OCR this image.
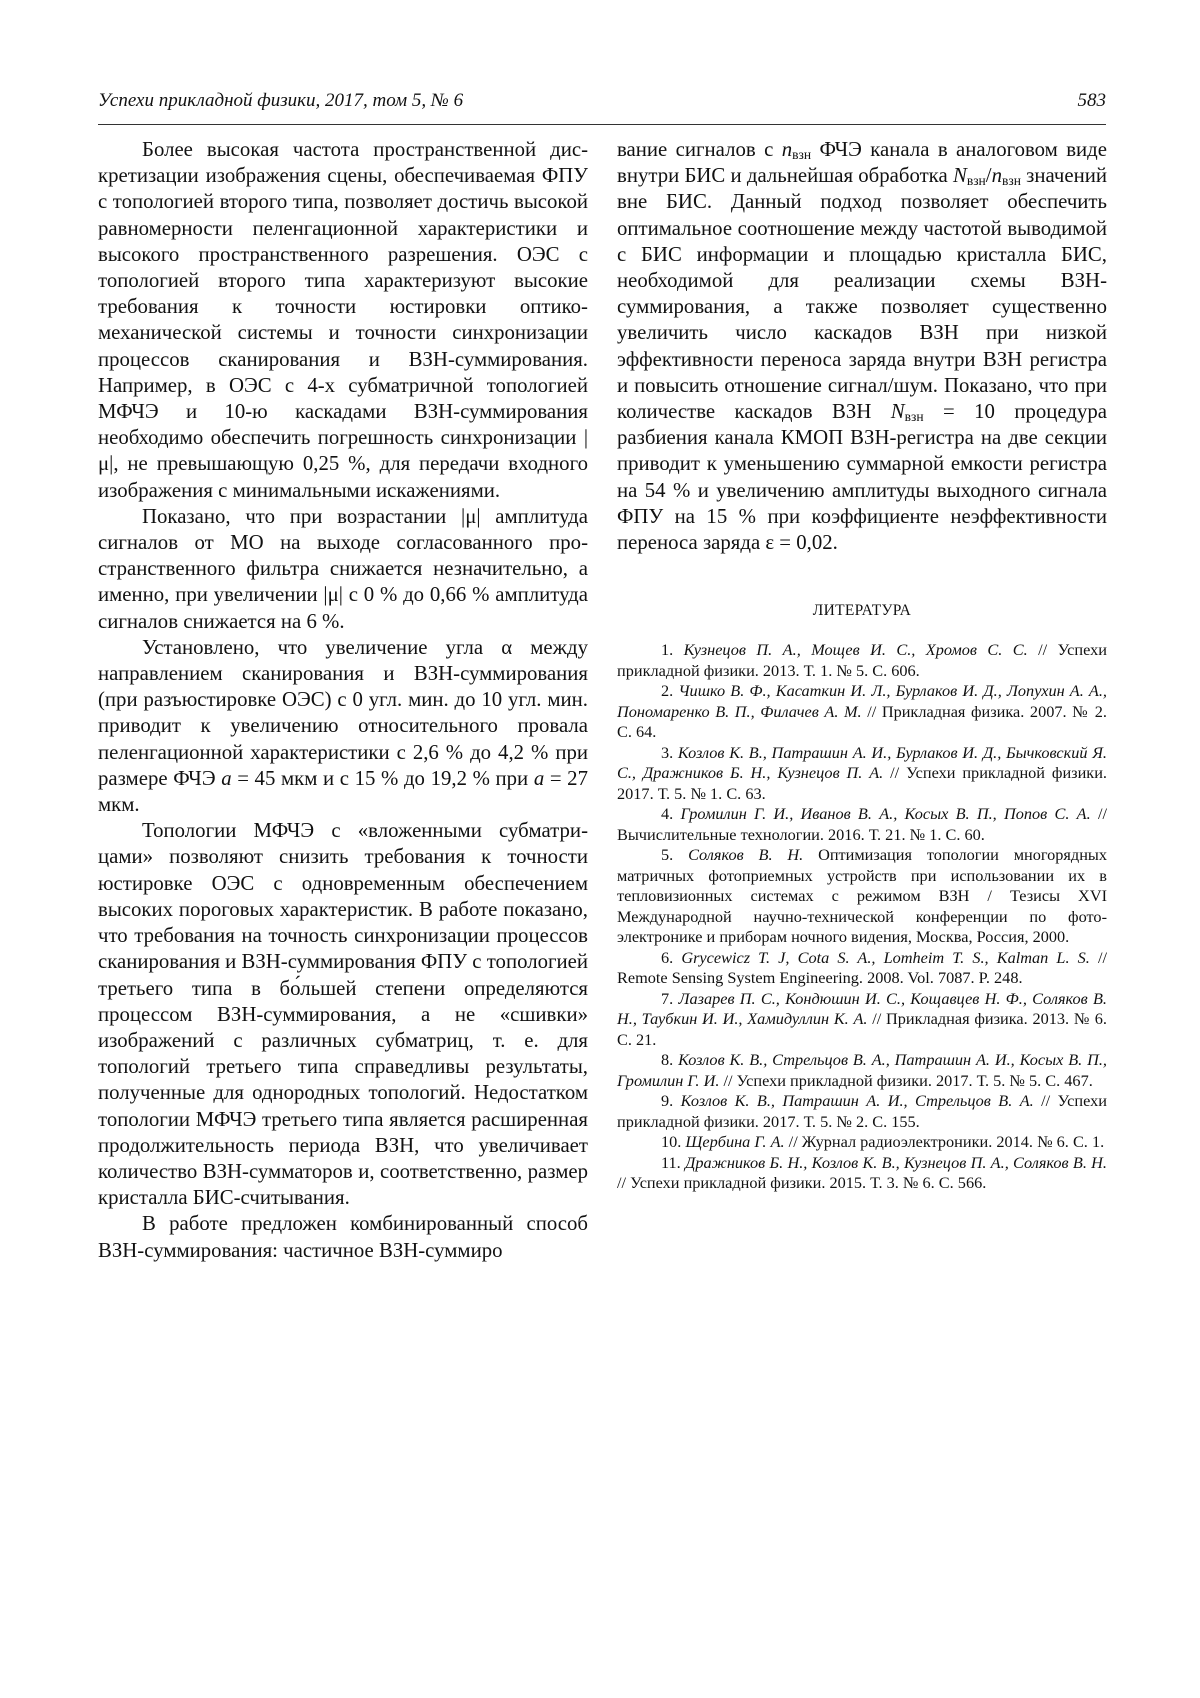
Успехи прикладной физики, 2017, том 5, № 6	583

Более высокая частота пространственной дискретизации изображения сцены, обеспечиваемая ФПУ с топологией второго типа, позволяет достичь высокой равномерности пеленгационной характеристики и высокого пространственного разрешения. ОЭС с топологией второго типа характеризуют высокие требования к точности юстировки оптико-механической системы и точности синхронизации процессов сканирования и ВЗН-суммирования. Например, в ОЭС с 4-х субматричной топологией МФЧЭ и 10-ю каскадами ВЗН-суммирования необходимо обеспечить погрешность синхронизации |μ|, не превышающую 0,25 %, для передачи входного изображения с минимальными искажениями.

Показано, что при возрастании |μ| амплитуда сигналов от МО на выходе согласованного пространственного фильтра снижается незначительно, а именно, при увеличении |μ| с 0 % до 0,66 % амплитуда сигналов снижается на 6 %.

Установлено, что увеличение угла α между направлением сканирования и ВЗН-суммирования (при разъюстировке ОЭС) с 0 угл. мин. до 10 угл. мин. приводит к увеличению относительного провала пеленгационной характеристики с 2,6 % до 4,2 % при размере ФЧЭ a = 45 мкм и с 15 % до 19,2 % при a = 27 мкм.

Топологии МФЧЭ с «вложенными субматрицами» позволяют снизить требования к точности юстировке ОЭС с одновременным обеспечением высоких пороговых характеристик. В работе показано, что требования на точность синхронизации процессов сканирования и ВЗН-суммирования ФПУ с топологией третьего типа в бо́льшей степени определяются процессом ВЗН-суммирования, а не «сшивки» изображений с различных субматриц, т. е. для топологий третьего типа справедливы результаты, полученные для однородных топологий. Недостатком топологии МФЧЭ третьего типа является расширенная продолжительность периода ВЗН, что увеличивает количество ВЗН-сумматоров и, соответственно, размер кристалла БИС-считывания.

В работе предложен комбинированный способ ВЗН-суммирования: частичное ВЗН-суммиро

вание сигналов с $n_{взн}$ ФЧЭ канала в аналоговом виде внутри БИС и дальнейшая обработка $N_{взн}/n_{взн}$ значений вне БИС. Данный подход позволяет обеспечить оптимальное соотношение между частотой выводимой с БИС информации и площадью кристалла БИС, необходимой для реализации схемы ВЗН-суммирования, а также позволяет существенно увеличить число каскадов ВЗН при низкой эффективности переноса заряда внутри ВЗН регистра и повысить отношение сигнал/шум. Показано, что при количестве каскадов ВЗН $N_{взн} = 10$ процедура разбиения канала КМОП ВЗН-регистра на две секции приводит к уменьшению суммарной емкости регистра на 54 % и увеличению амплитуды выходного сигнала ФПУ на 15 % при коэффициенте неэффективности переноса заряда ε = 0,02.

ЛИТЕРАТУРА

1. Кузнецов П. А., Мощев И. С., Хромов С. С. // Успехи прикладной физики. 2013. Т. 1. № 5. С. 606.

2. Чишко В. Ф., Касаткин И. Л., Бурлаков И. Д., Лопухин А. А., Пономаренко В. П., Филачев А. М. // Прикладная физика. 2007. № 2. С. 64.

3. Козлов К. В., Патрашин А. И., Бурлаков И. Д., Бычковский Я. С., Дражников Б. Н., Кузнецов П. А. // Успехи прикладной физики. 2017. Т. 5. № 1. С. 63.

4. Громилин Г. И., Иванов В. А., Косых В. П., Попов С. А. // Вычислительные технологии. 2016. Т. 21. № 1. С. 60.

5. Соляков В. Н. Оптимизация топологии многорядных матричных фотоприемных устройств при использовании их в тепловизионных системах с режимом ВЗН / Тезисы XVI Международной научно-технической конференции по фотоэлектронике и приборам ночного видения, Москва, Россия, 2000.

6. Grycewicz T. J, Cota S. A., Lomheim T. S., Kalman L. S. // Remote Sensing System Engineering. 2008. Vol. 7087. P. 248.

7. Лазарев П. С., Кондюшин И. С., Кощавцев Н. Ф., Соляков В. Н., Таубкин И. И., Хамидуллин К. А. // Прикладная физика. 2013. № 6. С. 21.

8. Козлов К. В., Стрельцов В. А., Патрашин А. И., Косых В. П., Громилин Г. И. // Успехи прикладной физики. 2017. Т. 5. № 5. С. 467.

9. Козлов К. В., Патрашин А. И., Стрельцов В. А. // Успехи прикладной физики. 2017. Т. 5. № 2. С. 155.

10. Щербина Г. А. // Журнал радиоэлектроники. 2014. № 6. С. 1.

11. Дражников Б. Н., Козлов К. В., Кузнецов П. А., Соляков В. Н. // Успехи прикладной физики. 2015. Т. 3. № 6. С. 566.
